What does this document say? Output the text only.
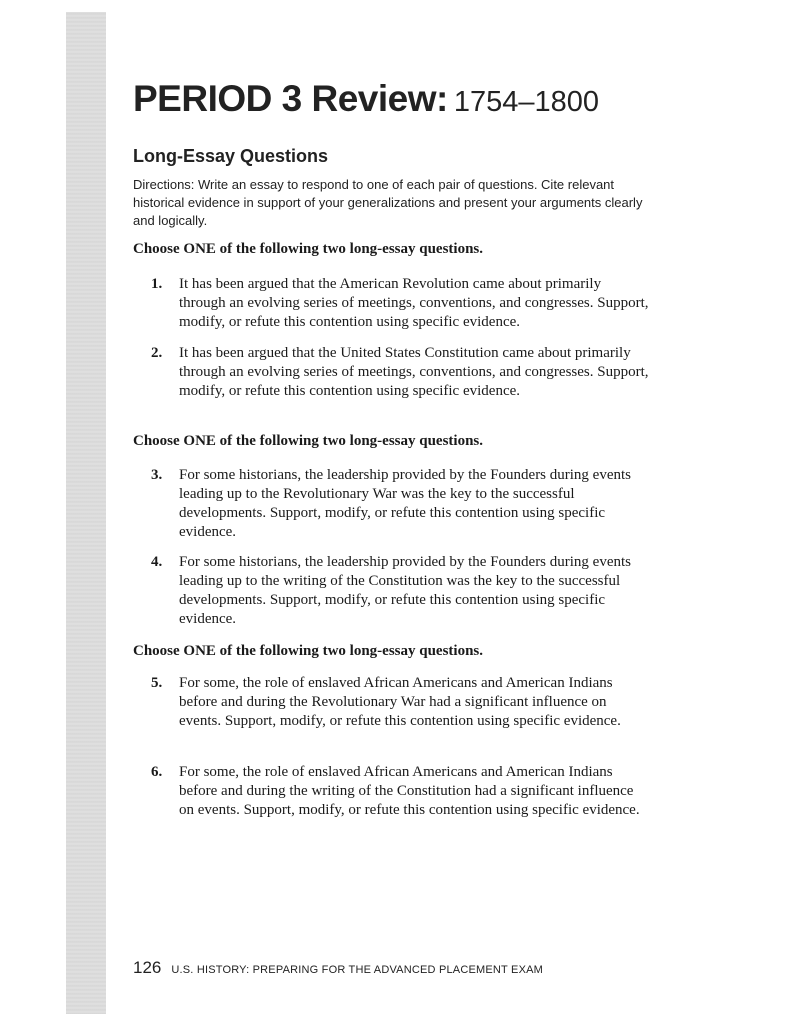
PERIOD 3 Review: 1754–1800
Long-Essay Questions
Directions: Write an essay to respond to one of each pair of questions. Cite relevant historical evidence in support of your generalizations and present your arguments clearly and logically.
Choose ONE of the following two long-essay questions.
1.	It has been argued that the American Revolution came about primarily through an evolving series of meetings, conventions, and congresses. Support, modify, or refute this contention using specific evidence.
2.	It has been argued that the United States Constitution came about primarily through an evolving series of meetings, conventions, and congresses. Support, modify, or refute this contention using specific evidence.
Choose ONE of the following two long-essay questions.
3.	For some historians, the leadership provided by the Founders during events leading up to the Revolutionary War was the key to the successful developments. Support, modify, or refute this contention using specific evidence.
4.	For some historians, the leadership provided by the Founders during events leading up to the writing of the Constitution was the key to the successful developments. Support, modify, or refute this contention using specific evidence.
Choose ONE of the following two long-essay questions.
5.	For some, the role of enslaved African Americans and American Indians before and during the Revolutionary War had a significant influence on events. Support, modify, or refute this contention using specific evidence.
6.	For some, the role of enslaved African Americans and American Indians before and during the writing of the Constitution had a significant influence on events. Support, modify, or refute this contention using specific evidence.
126 U.S. HISTORY: PREPARING FOR THE ADVANCED PLACEMENT EXAM
